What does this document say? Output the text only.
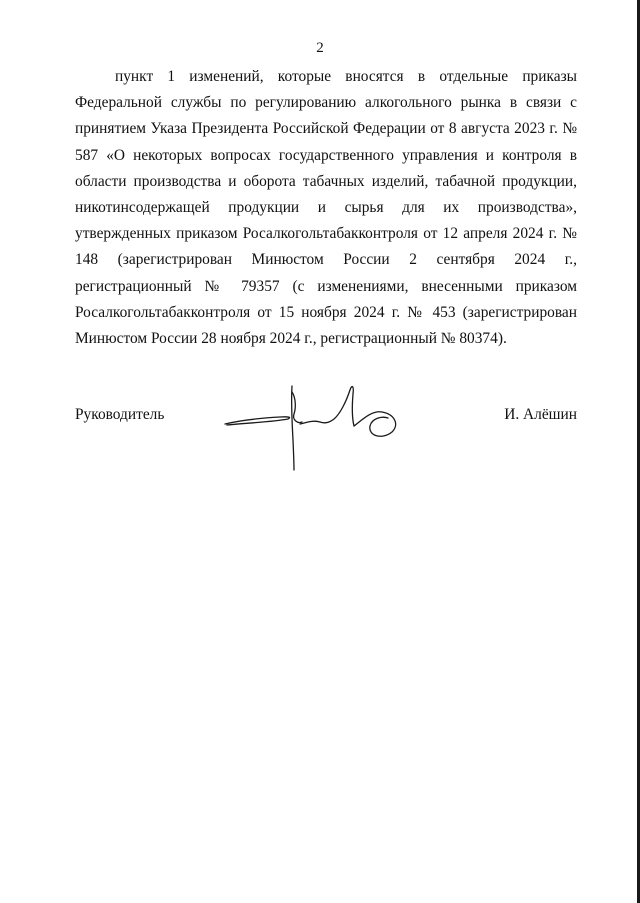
2

пункт 1 изменений, которые вносятся в отдельные приказы Федеральной службы по регулированию алкогольного рынка в связи с принятием Указа Президента Российской Федерации от 8 августа 2023 г. № 587 «О некоторых вопросах государственного управления и контроля в области производства и оборота табачных изделий, табачной продукции, никотинсодержащей продукции и сырья для их производства», утвержденных приказом Росалкогольтабакконтроля от 12 апреля 2024 г. № 148 (зарегистрирован Минюстом России 2 сентября 2024 г., регистрационный № 79357 (с изменениями, внесенными приказом Росалкогольтабакконтроля от 15 ноября 2024 г. № 453 (зарегистрирован Минюстом России 28 ноября 2024 г., регистрационный № 80374).

Руководитель	И. Алёшин
